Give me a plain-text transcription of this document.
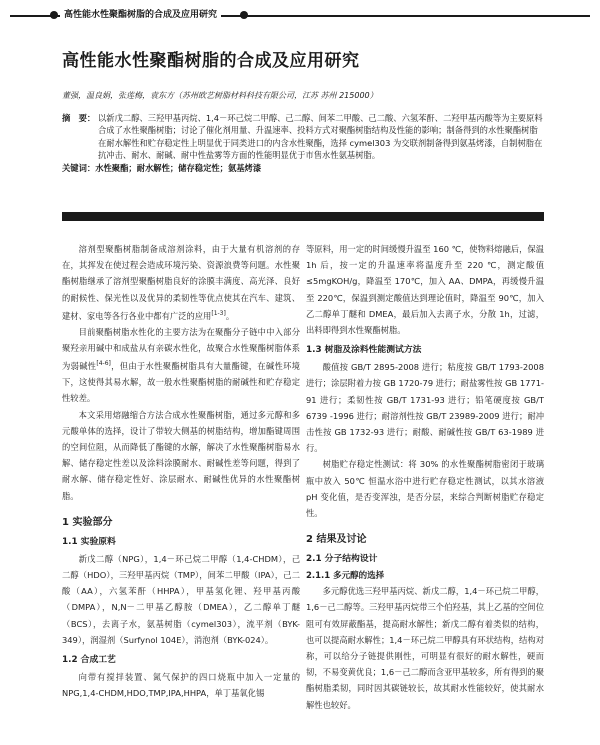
高性能水性聚酯树脂的合成及应用研究
高性能水性聚酯树脂的合成及应用研究
董强，温良娟，张莲梅，袁东方（苏州欧艺树脂材料科技有限公司，江苏 苏州 215000）
摘　要： 以新戊二醇、三羟甲基丙烷、1,4－环己烷二甲醇、己二醇、间苯二甲酸、己二酸、六氢苯酐、二羟甲基丙酸等为主要原料合成了水性聚酯树脂；讨论了催化剂用量、升温速率、投料方式对聚酯树脂结构及性能的影响；制备得到的水性聚酯树脂在耐水解性和贮存稳定性上明显优于同类进口的内含水性聚酯，选择 cymel303 为交联剂制备得到氨基烤漆，自制树脂在抗冲击、耐水、耐碱、耐中性盐雾等方面的性能明显优于市售水性氨基树脂。
关键词：水性聚酯；耐水解性；储存稳定性；氨基烤漆

溶剂型聚酯树脂制备成溶剂涂料，由于大量有机溶剂的存在，其挥发在使过程会造成环境污染、资源浪费等问题。水性聚酯树脂继承了溶剂型聚酯树脂良好的涂膜丰满度、高光泽、良好的耐候性、保光性以及优异的柔韧性等优点使其在汽车、建筑、建材、家电等各行各业中都有广泛的应用[1-3]。

目前聚酯树脂水性化的主要方法为在聚酯分子链中中入部分聚羟亲用碱中和成盐从有亲碳水性化，故聚合水性聚酯树脂体系为弱碱性[4-6]，但由于水性聚酯树脂具有大量酯键，在碱性环境下，这使得其易水解，故一般水性聚酯树脂的耐碱性和贮存稳定性较差。

本文采用熔融缩合方法合成水性聚酯树脂，通过多元醇和多元酸单体的选择，设计了带较大侧基的树脂结构，增加酯键周围的空间位阻，从而降低了酯键的水解，解决了水性聚酯树脂易水解、储存稳定性差以及涂料涂膜耐水、耐碱性差等问题，得到了耐水解、储存稳定性好、涂层耐水、耐碱性优异的水性聚酯树脂。

1 实验部分
1.1 实验原料

新戊二醇（NPG），1,4－环己烷二甲醇（1,4-CHDM），己二醇（HDO），三羟甲基丙烷（TMP），间苯二甲酸（IPA），己二酸（AA），六氢苯酐（HHPA），甲基氢化锂、羟甲基丙酸（DMPA），N,N－二甲基乙醇胺（DMEA），乙二醇单丁醚（BCS），去离子水，氨基树脂（cymel303），流平剂（BYK-349），润湿剂（Surfynol 104E），消泡剂（BYK-024）。

1.2 合成工艺

向带有搅拌装置、氮气保护的四口烧瓶中加入一定量的 NPG,1,4-CHDM,HDO,TMP,IPA,HHPA，单丁基氧化锡

等原料，用一定的时间缓慢升温至 160 ℃，使物料熔融后，保温 1h 后，按一定的升温速率将温度升至 220 ℃，测定酸值≤5mgKOH/g，降温至 170℃，加入 AA、DMPA，再缓慢升温至 220℃，保温到测定酸值达到理论值时，降温至 90℃，加入乙二醇单丁醚和 DMEA，最后加入去离子水，分散 1h，过滤，出料即得到水性聚酯树脂。

1.3 树脂及涂料性能测试方法

酸值按 GB/T 2895-2008 进行；粘度按 GB/T 1793-2008 进行；涂层附着力按 GB 1720-79 进行；耐盐雾性按 GB 1771-91 进行；柔韧性按 GB/T 1731-93 进行；铅笔硬度按 GB/T 6739 -1996 进行；耐溶剂性按 GB/T 23989-2009 进行；耐冲击性按 GB 1732-93 进行；耐酸、耐碱性按 GB/T 63-1989 进行。

树脂贮存稳定性测试：将 30% 的水性聚酯树脂密闭于玻璃瓶中放入 50℃ 恒温水浴中进行贮存稳定性测试，以其水溶液 pH 变化值，是否变浑浊，是否分层，来综合判断树脂贮存稳定性。

2 结果及讨论
2.1 分子结构设计
2.1.1 多元醇的选择

多元醇优选三羟甲基丙烷、新戊二醇，1,4－环己烷二甲醇，1,6－己二醇等。三羟甲基丙烷带三个伯羟基，其上乙基的空间位阻可有效屏蔽酯基，提高耐水解性；新戊二醇有着类似的结构，也可以提高耐水解性；1,4－环己烷二甲醇具有环状结构，结构对称，可以给分子链提供刚性，可明显有很好的耐水解性，硬而韧，不易变黄优良；1,6－己二醇而含亚甲基较多，所有得到的聚酯树脂柔韧，同时因其碳链较长，故其耐水性能较好，使其耐水解性也较好。
